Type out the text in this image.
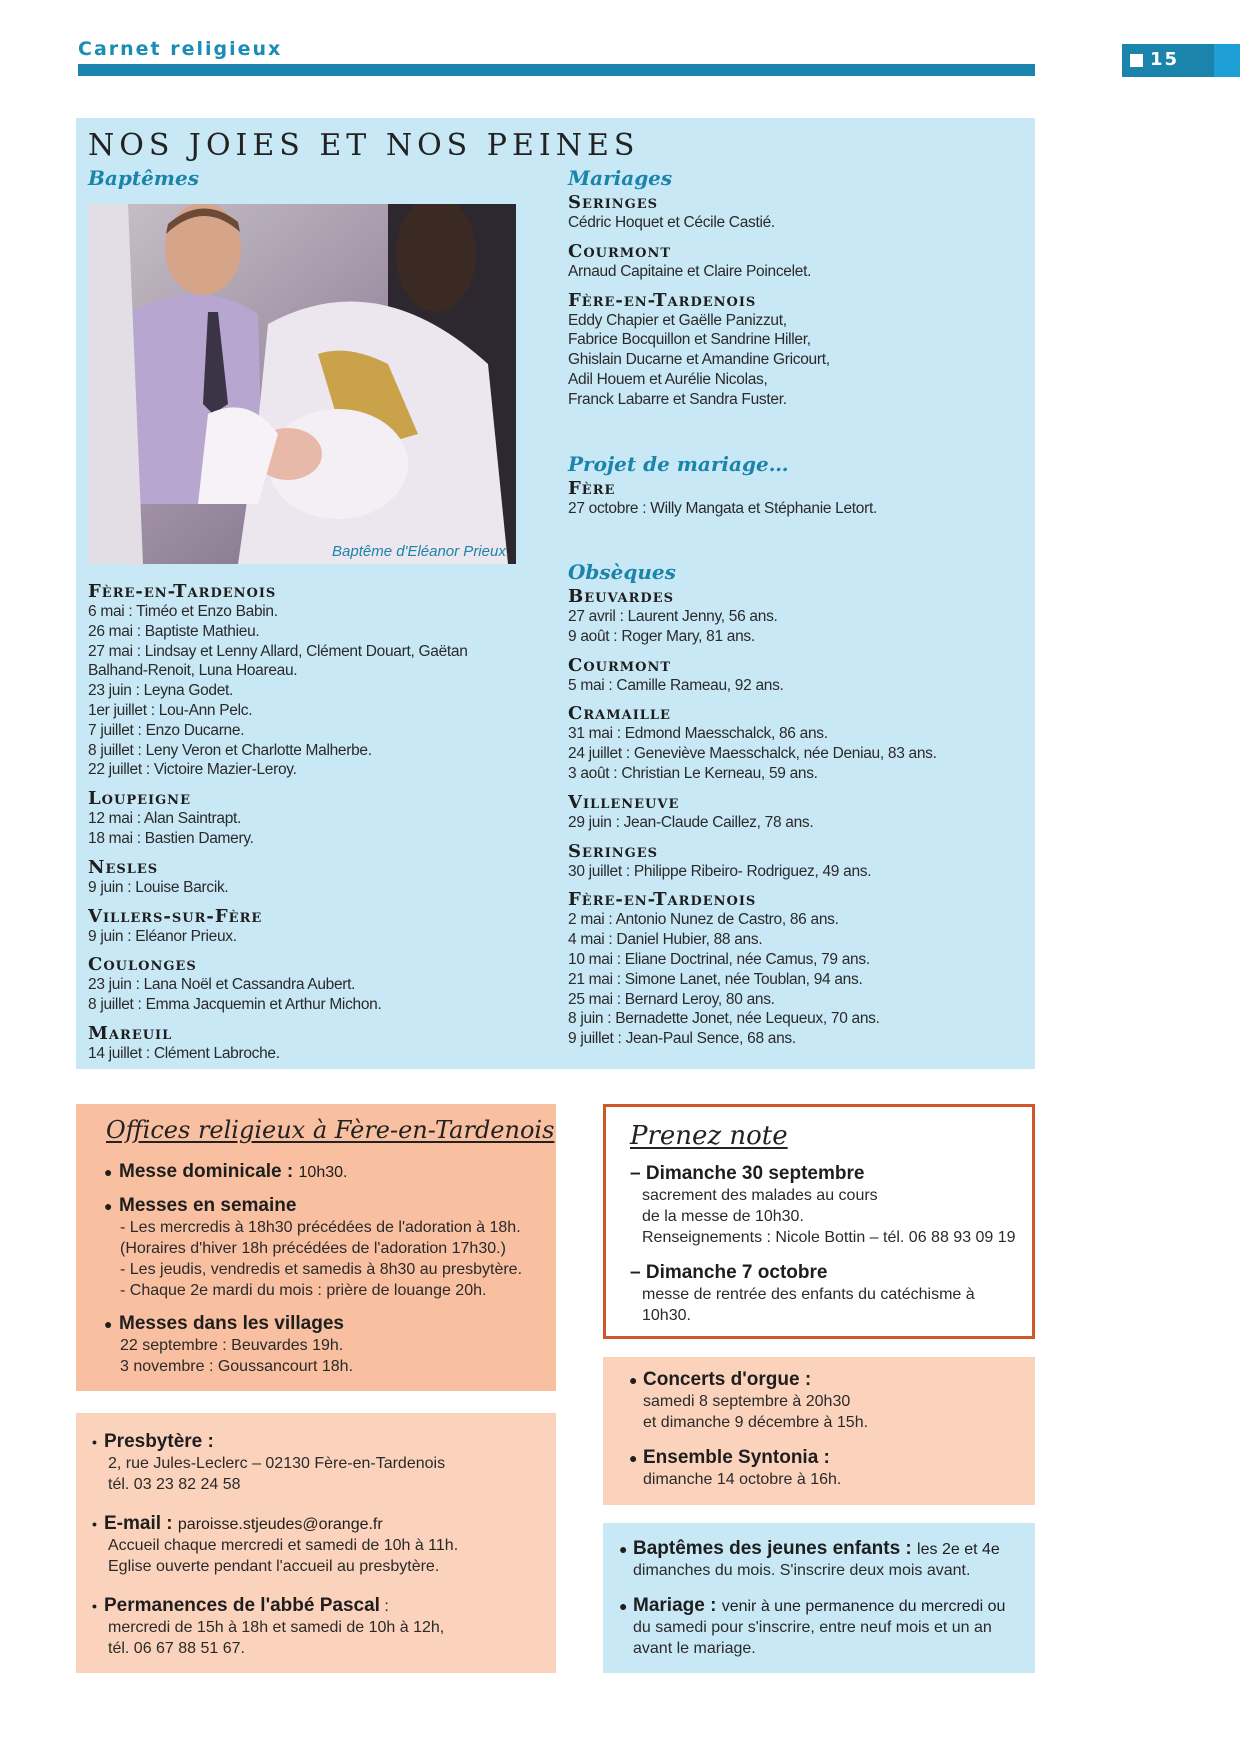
Carnet religieux	15
NOS JOIES ET NOS PEINES
Baptêmes
Fère-en-Tardenois
6 mai : Timéo et Enzo Babin.
26 mai : Baptiste Mathieu.
27 mai : Lindsay et Lenny Allard, Clément Douart, Gaëtan
Balhand-Renoit, Luna Hoareau.
23 juin : Leyna Godet.
1er juillet : Lou-Ann Pelc.
7 juillet : Enzo Ducarne.
8 juillet : Leny Veron et Charlotte Malherbe.
22 juillet : Victoire Mazier-Leroy.
Loupeigne
12 mai : Alan Saintrapt.
18 mai : Bastien Damery.
Nesles
9 juin : Louise Barcik.
Villers-sur-Fère
9 juin : Eléanor Prieux.
Coulonges
23 juin : Lana Noël et Cassandra Aubert.
8 juillet : Emma Jacquemin et Arthur Michon.
Mareuil
14 juillet : Clément Labroche.
Baptême d'Eléanor Prieux.
Mariages
Seringes
Cédric Hoquet et Cécile Castié.
Courmont
Arnaud Capitaine et Claire Poincelet.
Fère-en-Tardenois
Eddy Chapier et Gaëlle Panizzut,
Fabrice Bocquillon et Sandrine Hiller,
Ghislain Ducarne et Amandine Gricourt,
Adil Houem et Aurélie Nicolas,
Franck Labarre et Sandra Fuster.
Projet de mariage…
Fère
27 octobre : Willy Mangata et Stéphanie Letort.
Obsèques
Beuvardes
27 avril : Laurent Jenny, 56 ans.
9 août : Roger Mary, 81 ans.
Courmont
5 mai : Camille Rameau, 92 ans.
Cramaille
31 mai : Edmond Maesschalck, 86 ans.
24 juillet : Geneviève Maesschalck, née Deniau, 83 ans.
3 août : Christian Le Kerneau, 59 ans.
Villeneuve
29 juin : Jean-Claude Caillez, 78 ans.
Seringes
30 juillet : Philippe Ribeiro- Rodriguez, 49 ans.
Fère-en-Tardenois
2 mai : Antonio Nunez de Castro, 86 ans.
4 mai : Daniel Hubier, 88 ans.
10 mai : Eliane Doctrinal, née Camus, 79 ans.
21 mai : Simone Lanet, née Toublan, 94 ans.
25 mai : Bernard Leroy, 80 ans.
8 juin : Bernadette Jonet, née Lequeux, 70 ans.
9 juillet : Jean-Paul Sence, 68 ans.
Offices religieux à Fère-en-Tardenois
● Messe dominicale : 10h30.
● Messes en semaine
- Les mercredis à 18h30 précédées de l'adoration à 18h.
(Horaires d'hiver 18h précédées de l'adoration 17h30.)
- Les jeudis, vendredis et samedis à 8h30 au presbytère.
- Chaque 2e mardi du mois : prière de louange 20h.
● Messes dans les villages
22 septembre : Beuvardes 19h.
3 novembre : Goussancourt 18h.
• Presbytère :
2, rue Jules-Leclerc – 02130 Fère-en-Tardenois
tél. 03 23 82 24 58
• E-mail : paroisse.stjeudes@orange.fr
Accueil chaque mercredi et samedi de 10h à 11h.
Eglise ouverte pendant l'accueil au presbytère.
• Permanences de l'abbé Pascal :
mercredi de 15h à 18h et samedi de 10h à 12h,
tél. 06 67 88 51 67.
Prenez note
– Dimanche 30 septembre
sacrement des malades au cours
de la messe de 10h30.
Renseignements : Nicole Bottin – tél. 06 88 93 09 19
– Dimanche 7 octobre
messe de rentrée des enfants du catéchisme à
10h30.
● Concerts d'orgue :
samedi 8 septembre à 20h30
et dimanche 9 décembre à 15h.
● Ensemble Syntonia :
dimanche 14 octobre à 16h.
● Baptêmes des jeunes enfants : les 2e et 4e
dimanches du mois. S'inscrire deux mois avant.
● Mariage : venir à une permanence du mercredi ou
du samedi pour s'inscrire, entre neuf mois et un an
avant le mariage.
